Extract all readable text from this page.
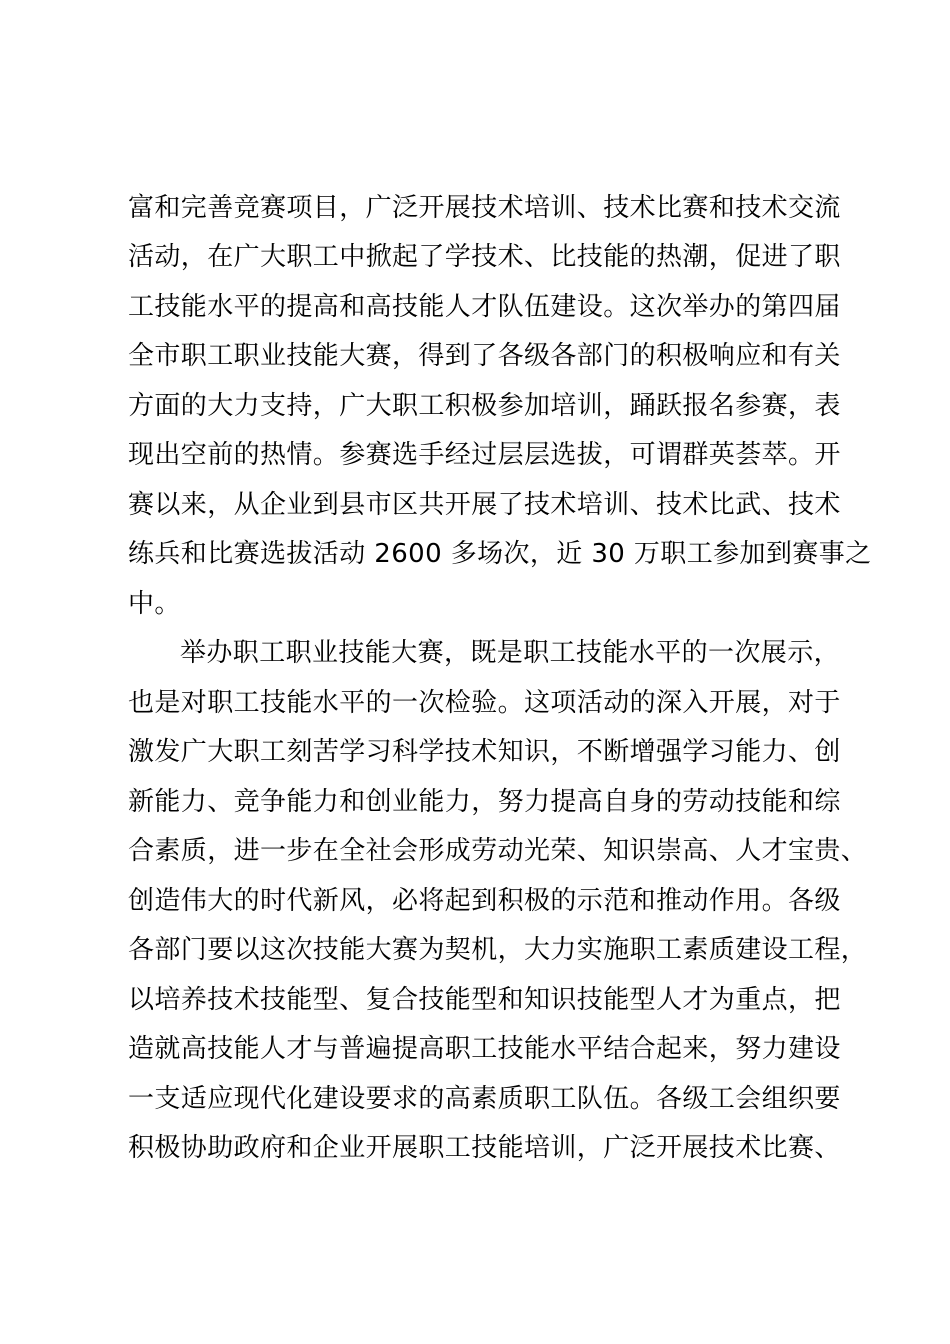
富和完善竞赛项目，广泛开展技术培训、技术比赛和技术交流
活动，在广大职工中掀起了学技术、比技能的热潮，促进了职
工技能水平的提高和高技能人才队伍建设。这次举办的第四届
全市职工职业技能大赛，得到了各级各部门的积极响应和有关
方面的大力支持，广大职工积极参加培训，踊跃报名参赛，表
现出空前的热情。参赛选手经过层层选拔，可谓群英荟萃。开
赛以来，从企业到县市区共开展了技术培训、技术比武、技术
练兵和比赛选拔活动 2600 多场次，近 30 万职工参加到赛事之
中。
举办职工职业技能大赛，既是职工技能水平的一次展示，
也是对职工技能水平的一次检验。这项活动的深入开展，对于
激发广大职工刻苦学习科学技术知识，不断增强学习能力、创
新能力、竞争能力和创业能力，努力提高自身的劳动技能和综
合素质，进一步在全社会形成劳动光荣、知识崇高、人才宝贵、
创造伟大的时代新风，必将起到积极的示范和推动作用。各级
各部门要以这次技能大赛为契机，大力实施职工素质建设工程，
以培养技术技能型、复合技能型和知识技能型人才为重点，把
造就高技能人才与普遍提高职工技能水平结合起来，努力建设
一支适应现代化建设要求的高素质职工队伍。各级工会组织要
积极协助政府和企业开展职工技能培训，广泛开展技术比赛、
